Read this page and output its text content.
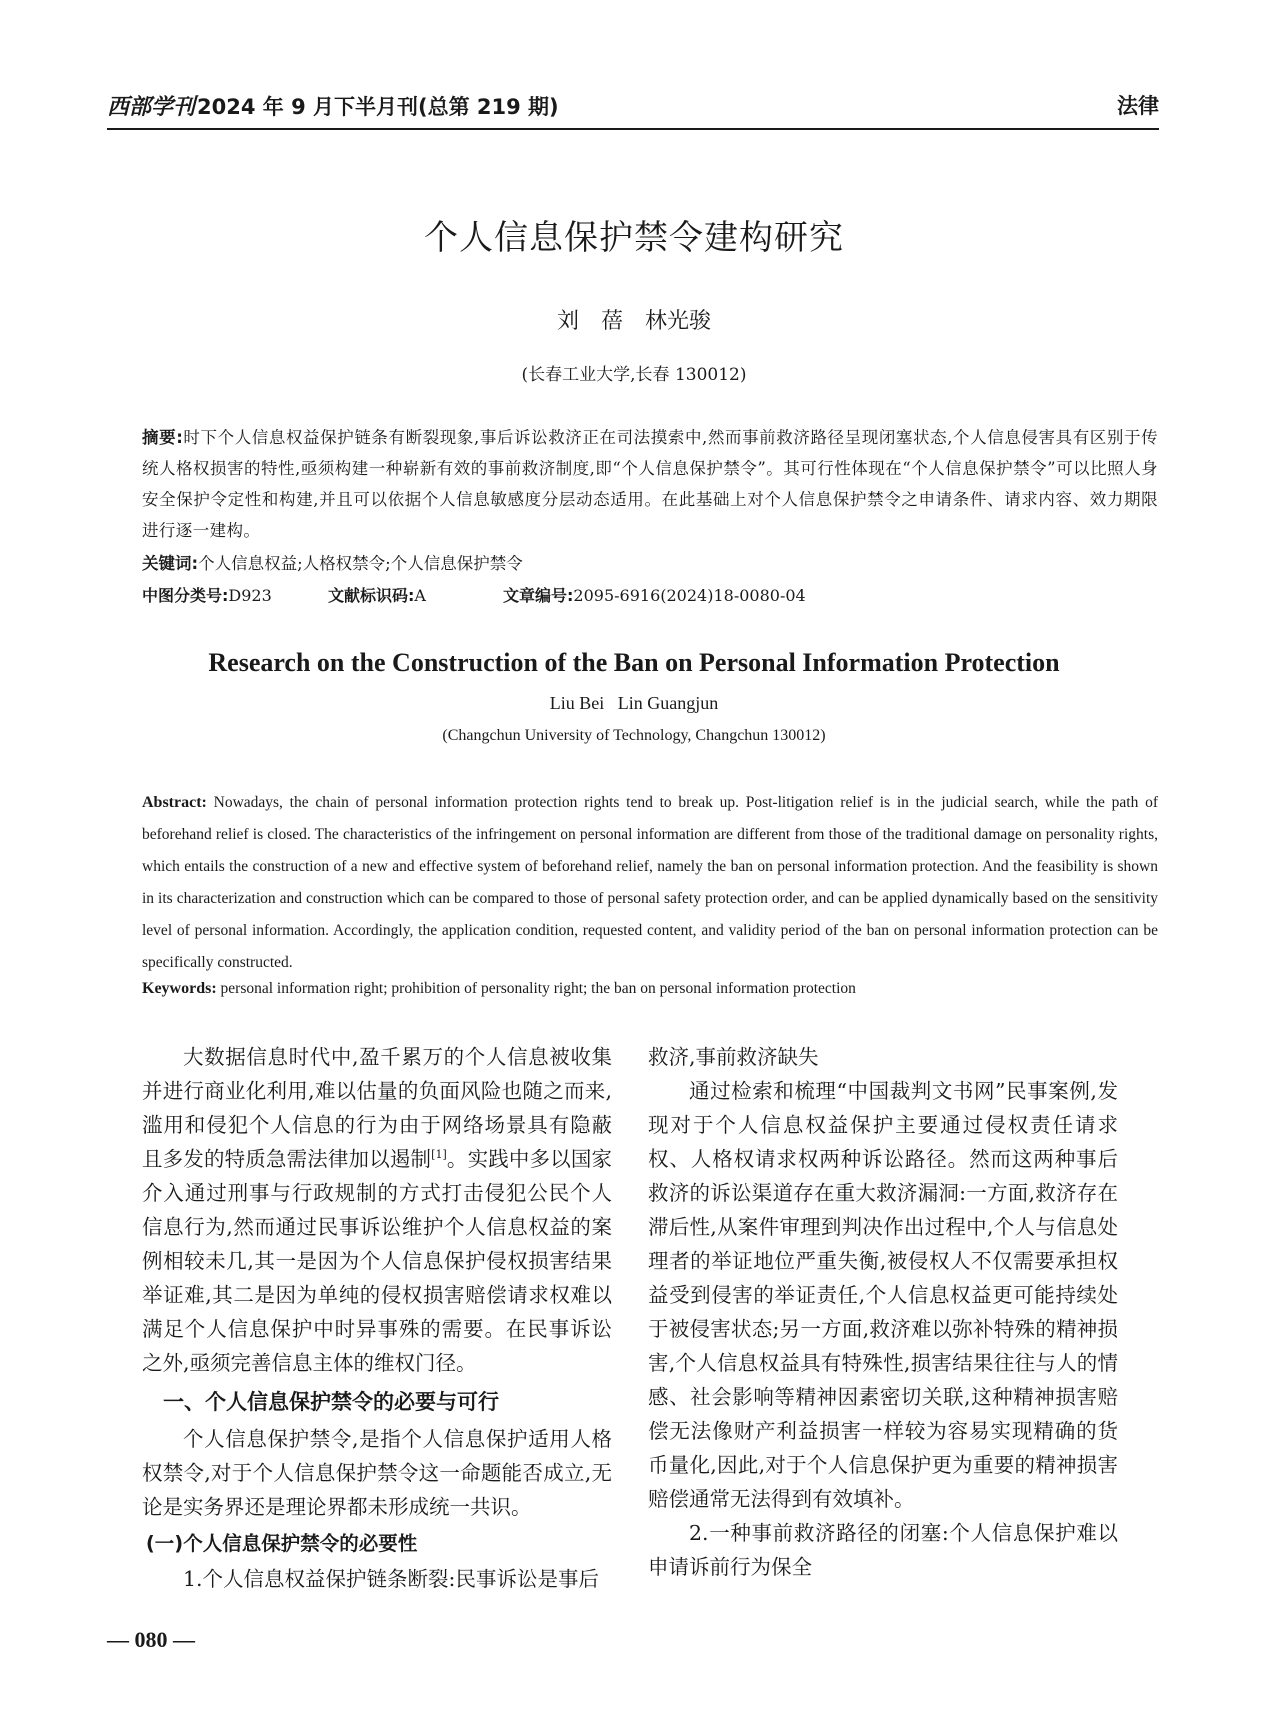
西部学刊2024 年 9 月下半月刊(总第 219 期)	法律
个人信息保护禁令建构研究
刘　蓓　林光骏
(长春工业大学,长春 130012)
摘要:时下个人信息权益保护链条有断裂现象,事后诉讼救济正在司法摸索中,然而事前救济路径呈现闭塞状态,个人信息侵害具有区别于传统人格权损害的特性,亟须构建一种崭新有效的事前救济制度,即“个人信息保护禁令”。其可行性体现在“个人信息保护禁令”可以比照人身安全保护令定性和构建,并且可以依据个人信息敏感度分层动态适用。在此基础上对个人信息保护禁令之申请条件、请求内容、效力期限进行逐一建构。
关键词:个人信息权益;人格权禁令;个人信息保护禁令
中图分类号:D923	文献标识码:A	文章编号:2095-6916(2024)18-0080-04
Research on the Construction of the Ban on Personal Information Protection
Liu Bei   Lin Guangjun
(Changchun University of Technology, Changchun 130012)
Abstract: Nowadays, the chain of personal information protection rights tend to break up. Post-litigation relief is in the judicial search, while the path of beforehand relief is closed. The characteristics of the infringement on personal information are different from those of the traditional damage on personality rights, which entails the construction of a new and effective system of beforehand relief, namely the ban on personal information protection. And the feasibility is shown in its characterization and construction which can be compared to those of personal safety protection order, and can be applied dynamically based on the sensitivity level of personal information. Accordingly, the application condition, requested content, and validity period of the ban on personal information protection can be specifically constructed.
Keywords: personal information right; prohibition of personality right; the ban on personal information protection

大数据信息时代中,盈千累万的个人信息被收集并进行商业化利用,难以估量的负面风险也随之而来,滥用和侵犯个人信息的行为由于网络场景具有隐蔽且多发的特质急需法律加以遏制[1]。实践中多以国家介入通过刑事与行政规制的方式打击侵犯公民个人信息行为,然而通过民事诉讼维护个人信息权益的案例相较未几,其一是因为个人信息保护侵权损害结果举证难,其二是因为单纯的侵权损害赔偿请求权难以满足个人信息保护中时异事殊的需要。在民事诉讼之外,亟须完善信息主体的维权门径。

一、个人信息保护禁令的必要与可行

个人信息保护禁令,是指个人信息保护适用人格权禁令,对于个人信息保护禁令这一命题能否成立,无论是实务界还是理论界都未形成统一共识。

(一)个人信息保护禁令的必要性

1.个人信息权益保护链条断裂:民事诉讼是事后

救济,事前救济缺失

通过检索和梳理“中国裁判文书网”民事案例,发现对于个人信息权益保护主要通过侵权责任请求权、人格权请求权两种诉讼路径。然而这两种事后救济的诉讼渠道存在重大救济漏洞:一方面,救济存在滞后性,从案件审理到判决作出过程中,个人与信息处理者的举证地位严重失衡,被侵权人不仅需要承担权益受到侵害的举证责任,个人信息权益更可能持续处于被侵害状态;另一方面,救济难以弥补特殊的精神损害,个人信息权益具有特殊性,损害结果往往与人的情感、社会影响等精神因素密切关联,这种精神损害赔偿无法像财产利益损害一样较为容易实现精确的货币量化,因此,对于个人信息保护更为重要的精神损害赔偿通常无法得到有效填补。

2.一种事前救济路径的闭塞:个人信息保护难以申请诉前行为保全

— 080 —
